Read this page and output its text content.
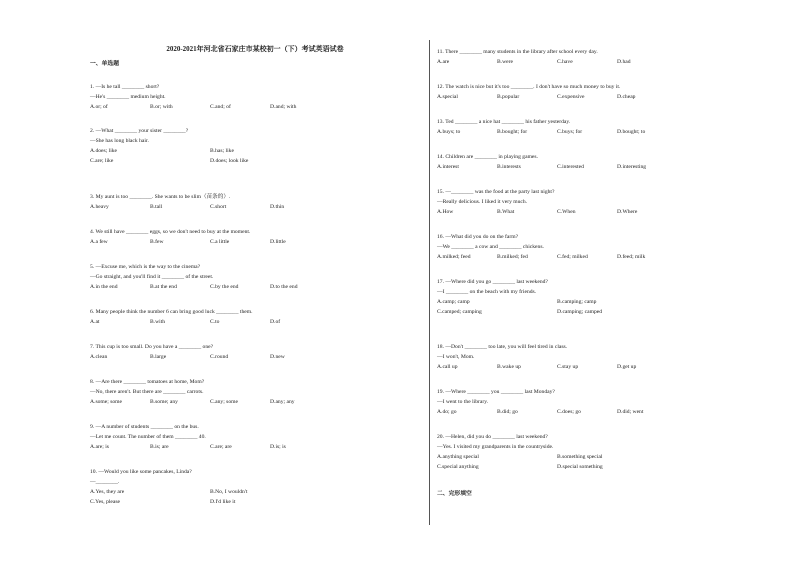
2020-2021年河北省石家庄市某校初一（下）考试英语试卷
一、单选题
1. —Is he tall ________ short?
—He's ________ medium height.
A.or; of	B.or; with	C.and; of	D.and; with
2. —What ________ your sister ________?
—She has long black hair.
A.does; like	B.has; like
C.are; like	D.does; look like
3. My aunt is too ________. She wants to be slim（苗条的）.
A.heavy	B.tall	C.short	D.thin
4. We still have ________ eggs, so we don't need to buy at the moment.
A.a few	B.few	C.a little	D.little
5. —Excuse me, which is the way to the cinema?
—Go straight, and you'll find it ________ of the street.
A.in the end	B.at the end	C.by the end	D.to the end
6. Many people think the number 6 can bring good luck ________ them.
A.at	B.with	C.to	D.of
7. This cup is too small. Do you have a ________ one?
A.clean	B.large	C.round	D.new
8. —Are there ________ tomatoes at home, Mom?
—No, there aren't. But there are ________ carrots.
A.some; some	B.some; any	C.any; some	D.any; any
9. —A number of students ________ on the bus.
—Let me count. The number of them ________ 40.
A.are; is	B.is; are	C.are; are	D.is; is
10. —Would you like some pancakes, Linda?
—________.
A.Yes, they are	B.No, I wouldn't
C.Yes, please	D.I'd like it
二、完形填空
11. There ________ many students in the library after school every day.
A.are	B.were	C.have	D.had
12. The watch is nice but it's too ________. I don't have so much money to buy it.
A.special	B.popular	C.expensive	D.cheap
13. Ted ________ a nice hat ________ his father yesterday.
A.buys; to	B.bought; for	C.buys; for	D.bought; to
14. Children are ________ in playing games.
A.interest	B.interests	C.interested	D.interesting
15. —________ was the food at the party last night?
—Really delicious. I liked it very much.
A.How	B.What	C.When	D.Where
16. —What did you do on the farm?
—We ________ a cow and ________ chickens.
A.milked; feed	B.milked; fed	C.fed; milked	D.feed; milk
17. —Where did you go ________ last weekend?
—I ________ on the beach with my friends.
A.camp; camp	B.camping; camp
C.camped; camping	D.camping; camped
18. —Don't ________ too late, you will feel tired in class.
—I won't, Mom.
A.call up	B.wake up	C.stay up	D.get up
19. —Where ________ you ________ last Monday?
—I went to the library.
A.do; go	B.did; go	C.does; go	D.did; went
20. —Helen, did you do ________ last weekend?
—Yes. I visited my grandparents in the countryside.
A.anything special	B.something special
C.special anything	D.special something
